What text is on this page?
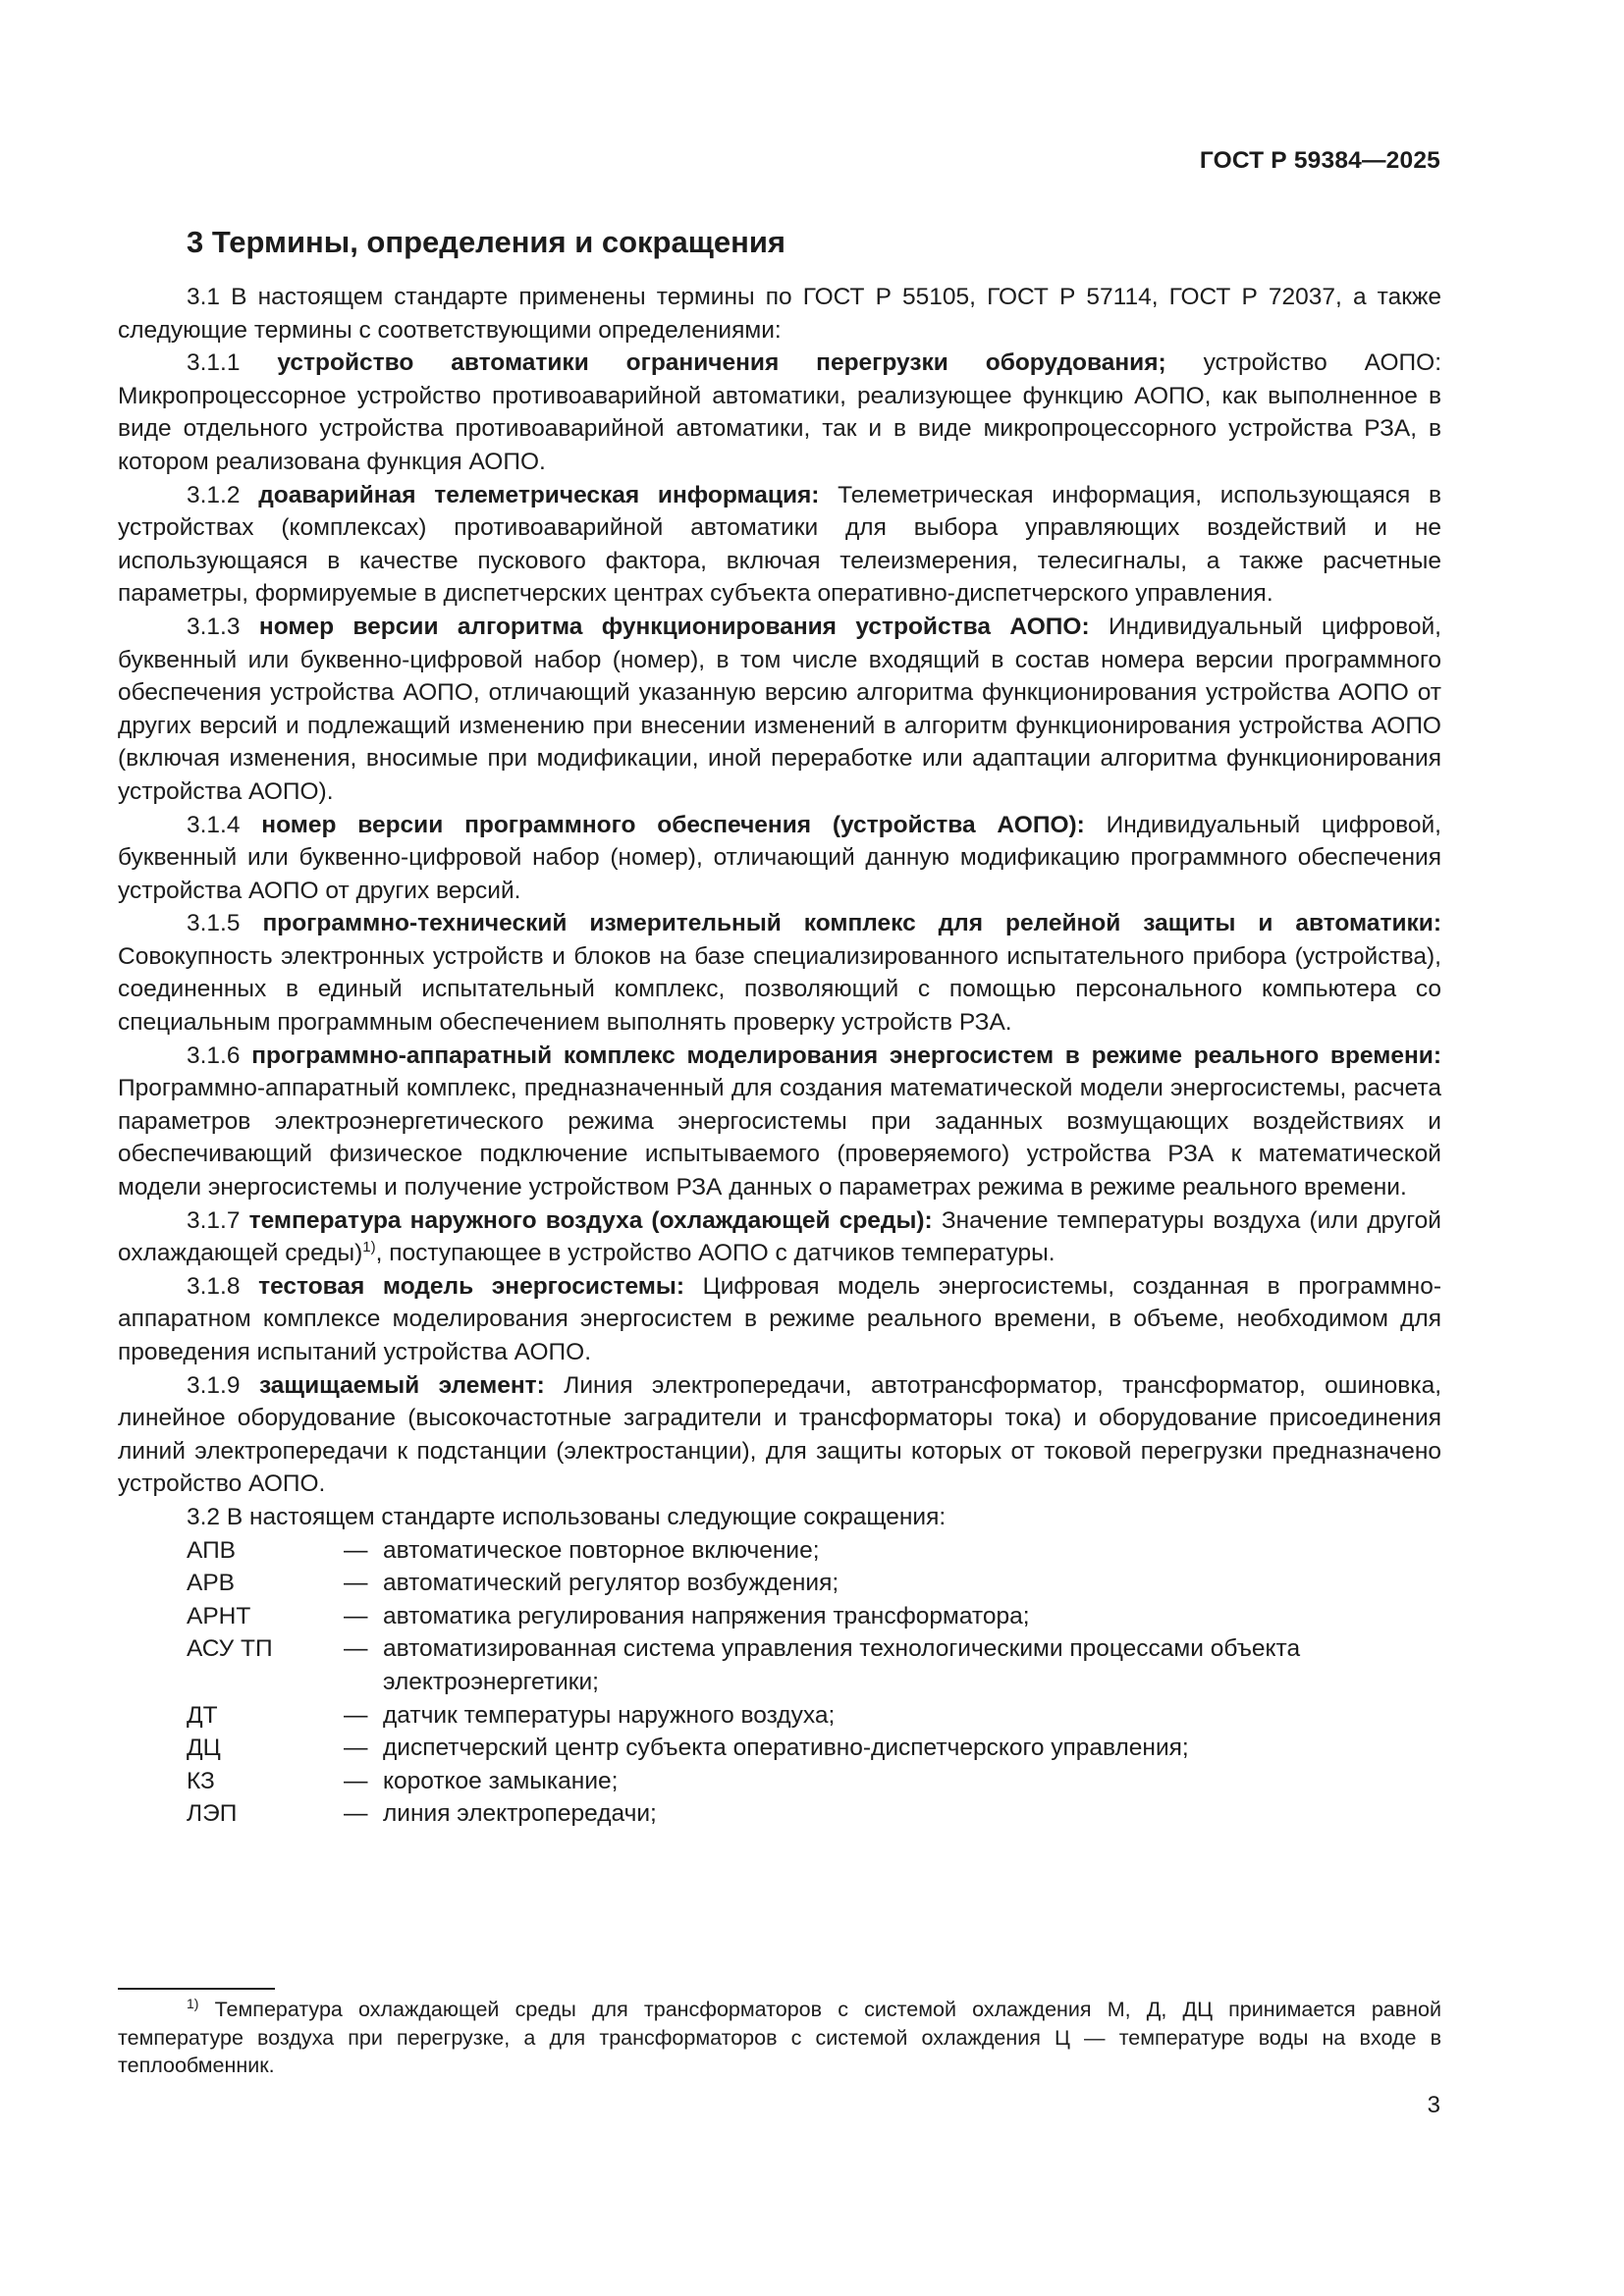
ГОСТ Р 59384—2025
3 Термины, определения и сокращения

3.1 В настоящем стандарте применены термины по ГОСТ Р 55105, ГОСТ Р 57114, ГОСТ Р 72037, а также следующие термины с соответствующими определениями:

3.1.1 устройство автоматики ограничения перегрузки оборудования; устройство АОПО: Микропроцессорное устройство противоаварийной автоматики, реализующее функцию АОПО, как выполненное в виде отдельного устройства противоаварийной автоматики, так и в виде микропроцессорного устройства РЗА, в котором реализована функция АОПО.

3.1.2 доаварийная телеметрическая информация: Телеметрическая информация, использующаяся в устройствах (комплексах) противоаварийной автоматики для выбора управляющих воздействий и не использующаяся в качестве пускового фактора, включая телеизмерения, телесигналы, а также расчетные параметры, формируемые в диспетчерских центрах субъекта оперативно-диспетчерского управления.

3.1.3 номер версии алгоритма функционирования устройства АОПО: Индивидуальный цифровой, буквенный или буквенно-цифровой набор (номер), в том числе входящий в состав номера версии программного обеспечения устройства АОПО, отличающий указанную версию алгоритма функционирования устройства АОПО от других версий и подлежащий изменению при внесении изменений в алгоритм функционирования устройства АОПО (включая изменения, вносимые при модификации, иной переработке или адаптации алгоритма функционирования устройства АОПО).

3.1.4 номер версии программного обеспечения (устройства АОПО): Индивидуальный цифровой, буквенный или буквенно-цифровой набор (номер), отличающий данную модификацию программного обеспечения устройства АОПО от других версий.

3.1.5 программно-технический измерительный комплекс для релейной защиты и автоматики: Совокупность электронных устройств и блоков на базе специализированного испытательного прибора (устройства), соединенных в единый испытательный комплекс, позволяющий с помощью персонального компьютера со специальным программным обеспечением выполнять проверку устройств РЗА.

3.1.6 программно-аппаратный комплекс моделирования энергосистем в режиме реального времени: Программно-аппаратный комплекс, предназначенный для создания математической модели энергосистемы, расчета параметров электроэнергетического режима энергосистемы при заданных возмущающих воздействиях и обеспечивающий физическое подключение испытываемого (проверяемого) устройства РЗА к математической модели энергосистемы и получение устройством РЗА данных о параметрах режима в режиме реального времени.

3.1.7 температура наружного воздуха (охлаждающей среды): Значение температуры воздуха (или другой охлаждающей среды)$^{1)}$, поступающее в устройство АОПО с датчиков температуры.

3.1.8 тестовая модель энергосистемы: Цифровая модель энергосистемы, созданная в программно-аппаратном комплексе моделирования энергосистем в режиме реального времени, в объеме, необходимом для проведения испытаний устройства АОПО.

3.1.9 защищаемый элемент: Линия электропередачи, автотрансформатор, трансформатор, ошиновка, линейное оборудование (высокочастотные заградители и трансформаторы тока) и оборудование присоединения линий электропередачи к подстанции (электростанции), для защиты которых от токовой перегрузки предназначено устройство АОПО.

3.2 В настоящем стандарте использованы следующие сокращения:

АПВ	— автоматическое повторное включение;
АРВ	— автоматический регулятор возбуждения;
АРНТ	— автоматика регулирования напряжения трансформатора;
АСУ ТП	— автоматизированная система управления технологическими процессами объекта электроэнергетики;
ДТ	— датчик температуры наружного воздуха;
ДЦ	— диспетчерский центр субъекта оперативно-диспетчерского управления;
КЗ	— короткое замыкание;
ЛЭП	— линия электропередачи;
$^{1)}$ Температура охлаждающей среды для трансформаторов с системой охлаждения М, Д, ДЦ принимается равной температуре воздуха при перегрузке, а для трансформаторов с системой охлаждения Ц — температуре воды на входе в теплообменник.
3
